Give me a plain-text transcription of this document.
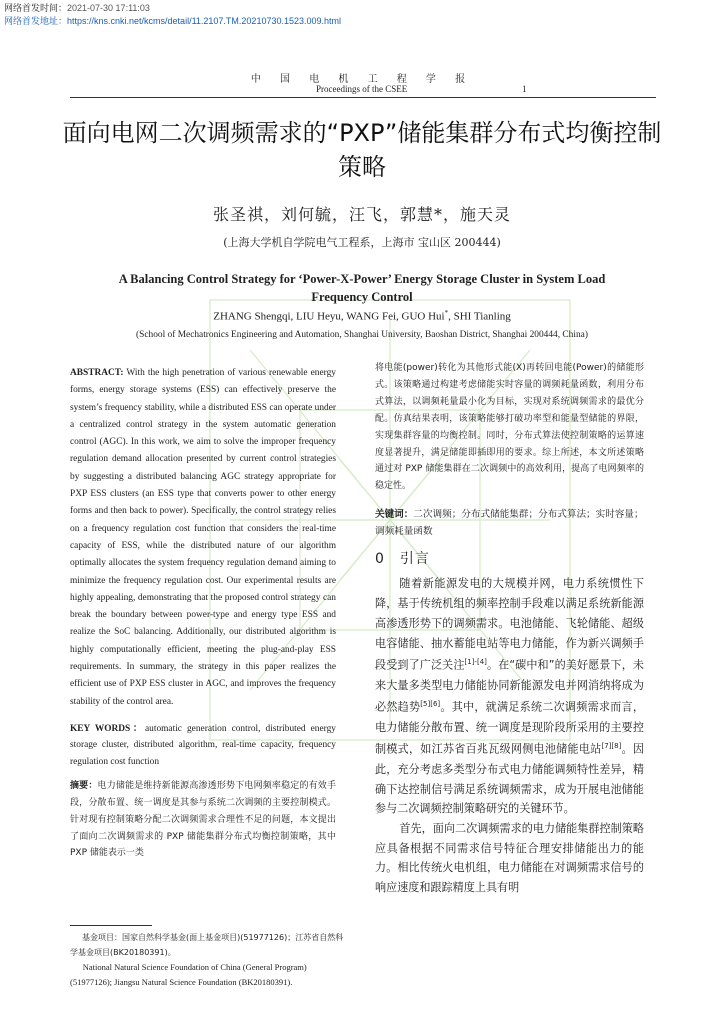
网络首发时间：2021-07-30 17:11:03
网络首发地址：https://kns.cnki.net/kcms/detail/11.2107.TM.20210730.1523.009.html
中 国 电 机 工 程 学 报
Proceedings of the CSEE	1
面向电网二次调频需求的“PXP”储能集群分布式均衡控制策略
张圣祺，刘何毓，汪飞，郭慧*，施天灵
(上海大学机自学院电气工程系，上海市 宝山区 200444)
A Balancing Control Strategy for ‘Power-X-Power’ Energy Storage Cluster in System Load Frequency Control
ZHANG Shengqi, LIU Heyu, WANG Fei, GUO Hui*, SHI Tianling
(School of Mechatronics Engineering and Automation, Shanghai University, Baoshan District, Shanghai 200444, China)

ABSTRACT: With the high penetration of various renewable energy forms, energy storage systems (ESS) can effectively preserve the system’s frequency stability, while a distributed ESS can operate under a centralized control strategy in the system automatic generation control (AGC). In this work, we aim to solve the improper frequency regulation demand allocation presented by current control strategies by suggesting a distributed balancing AGC strategy appropriate for PXP ESS clusters (an ESS type that converts power to other energy forms and then back to power). Specifically, the control strategy relies on a frequency regulation cost function that considers the real-time capacity of ESS, while the distributed nature of our algorithm optimally allocates the system frequency regulation demand aiming to minimize the frequency regulation cost. Our experimental results are highly appealing, demonstrating that the proposed control strategy can break the boundary between power-type and energy type ESS and realize the SoC balancing. Additionally, our distributed algorithm is highly computationally efficient, meeting the plug-and-play ESS requirements. In summary, the strategy in this paper realizes the efficient use of PXP ESS cluster in AGC, and improves the frequency stability of the control area.

KEY WORDS：automatic generation control, distributed energy storage cluster, distributed algorithm, real-time capacity, frequency regulation cost function

摘要：电力储能是维持新能源高渗透形势下电网频率稳定的有效手段，分散布置、统一调度是其参与系统二次调频的主要控制模式。针对现有控制策略分配二次调频需求合理性不足的问题，本文提出了面向二次调频需求的 PXP 储能集群分布式均衡控制策略，其中 PXP 储能表示一类

将电能(power)转化为其他形式能(X)再转回电能(Power)的储能形式。该策略通过构建考虑储能实时容量的调频耗量函数，利用分布式算法，以调频耗量最小化为目标，实现对系统调频需求的最优分配。仿真结果表明，该策略能够打破功率型和能量型储能的界限，实现集群容量的均衡控制。同时，分布式算法使控制策略的运算速度显著提升，满足储能即插即用的要求。综上所述，本文所述策略通过对 PXP 储能集群在二次调频中的高效利用，提高了电网频率的稳定性。

关键词：二次调频；分布式储能集群；分布式算法；实时容量；调频耗量函数

0　引言

随着新能源发电的大规模并网，电力系统惯性下降，基于传统机组的频率控制手段难以满足系统新能源高渗透形势下的调频需求。电池储能、飞轮储能、超级电容储能、抽水蓄能电站等电力储能，作为新兴调频手段受到了广泛关注[1]-[4]。在“碳中和”的美好愿景下，未来大量多类型电力储能协同新能源发电并网消纳将成为必然趋势[5][6]。其中，就满足系统二次调频需求而言，电力储能分散布置、统一调度是现阶段所采用的主要控制模式，如江苏省百兆瓦级网侧电池储能电站[7][8]。因此，充分考虑多类型分布式电力储能调频特性差异，精确下达控制信号满足系统调频需求，成为开展电池储能参与二次调频控制策略研究的关键环节。

首先，面向二次调频需求的电力储能集群控制策略应具备根据不同需求信号特征合理安排储能出力的能力。相比传统火电机组，电力储能在对调频需求信号的响应速度和跟踪精度上具有明

基金项目：国家自然科学基金(面上基金项目)(51977126)；江苏省自然科学基金项目(BK20180391)。

National Natural Science Foundation of China (General Program) (51977126); Jiangsu Natural Science Foundation (BK20180391).
